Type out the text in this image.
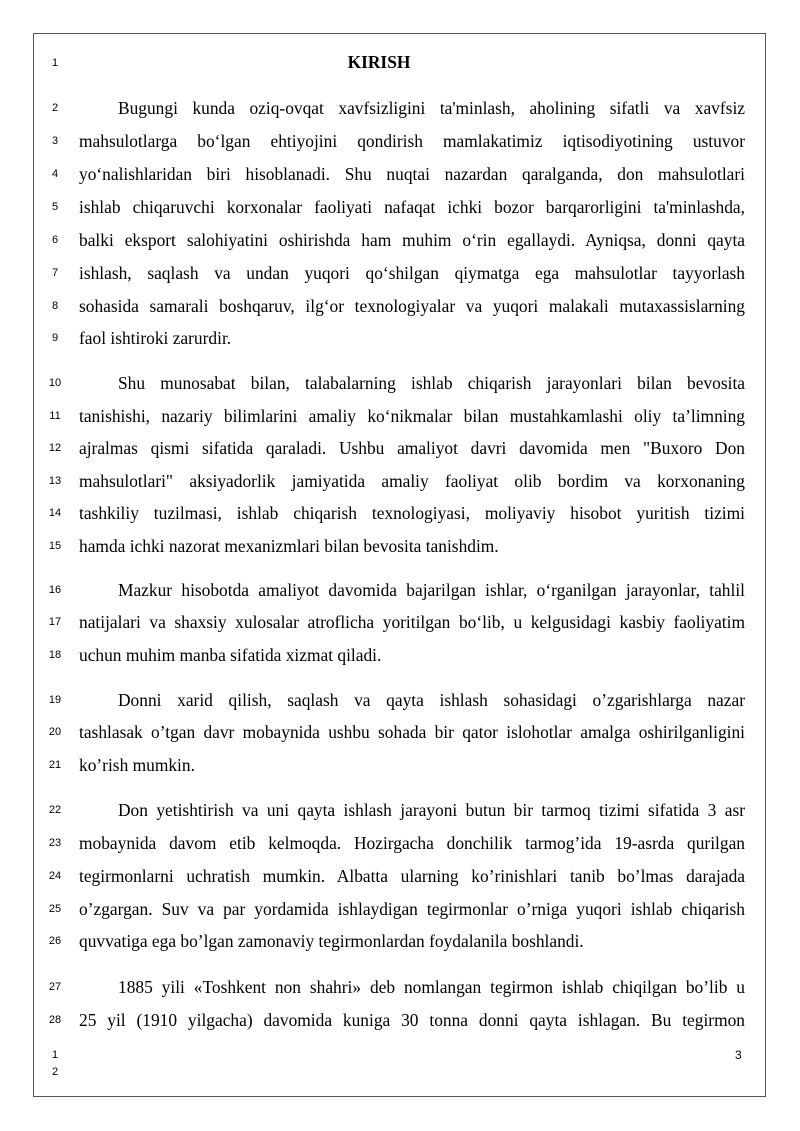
KIRISH
1
2
3
4
5
6
7
8
9
10
11
12
13
14
15
16
17
18
19
20
21
22
23
24
25
26
27
28
Bugungi kunda oziq-ovqat xavfsizligini ta'minlash, aholining sifatli va xavfsiz
mahsulotlarga bo‘lgan ehtiyojini qondirish mamlakatimiz iqtisodiyotining ustuvor
yo‘nalishlaridan biri hisoblanadi. Shu nuqtai nazardan qaralganda, don mahsulotlari
ishlab chiqaruvchi korxonalar faoliyati nafaqat ichki bozor barqarorligini ta'minlashda,
balki eksport salohiyatini oshirishda ham muhim o‘rin egallaydi. Ayniqsa, donni qayta
ishlash, saqlash va undan yuqori qo‘shilgan qiymatga ega mahsulotlar tayyorlash
sohasida samarali boshqaruv, ilg‘or texnologiyalar va yuqori malakali mutaxassislarning
faol ishtiroki zarurdir.
Shu munosabat bilan, talabalarning ishlab chiqarish jarayonlari bilan bevosita
tanishishi, nazariy bilimlarini amaliy ko‘nikmalar bilan mustahkamlashi oliy ta’limning
ajralmas qismi sifatida qaraladi. Ushbu amaliyot davri davomida men "Buxoro Don
mahsulotlari" aksiyadorlik jamiyatida amaliy faoliyat olib bordim va korxonaning
tashkiliy tuzilmasi, ishlab chiqarish texnologiyasi, moliyaviy hisobot yuritish tizimi
hamda ichki nazorat mexanizmlari bilan bevosita tanishdim.
Mazkur hisobotda amaliyot davomida bajarilgan ishlar, o‘rganilgan jarayonlar, tahlil
natijalari va shaxsiy xulosalar atroflicha yoritilgan bo‘lib, u kelgusidagi kasbiy faoliyatim
uchun muhim manba sifatida xizmat qiladi.
Donni xarid qilish, saqlash va qayta ishlash sohasidagi o’zgarishlarga nazar
tashlasak o’tgan davr mobaynida ushbu sohada bir qator islohotlar amalga oshirilganligini
ko’rish mumkin.
Don yetishtirish va uni qayta ishlash jarayoni butun bir tarmoq tizimi sifatida 3 asr
mobaynida davom etib kelmoqda. Hozirgacha donchilik tarmog’ida 19-asrda qurilgan
tegirmonlarni uchratish mumkin. Albatta ularning ko’rinishlari tanib bo’lmas darajada
o’zgargan. Suv va par yordamida ishlaydigan tegirmonlar o’rniga yuqori ishlab chiqarish
quvvatiga ega bo’lgan zamonaviy tegirmonlardan foydalanila boshlandi.
1885 yili «Toshkent non shahri» deb nomlangan tegirmon ishlab chiqilgan bo’lib u
25 yil (1910 yilgacha) davomida kuniga 30 tonna donni qayta ishlagan. Bu tegirmon
3
1
2
